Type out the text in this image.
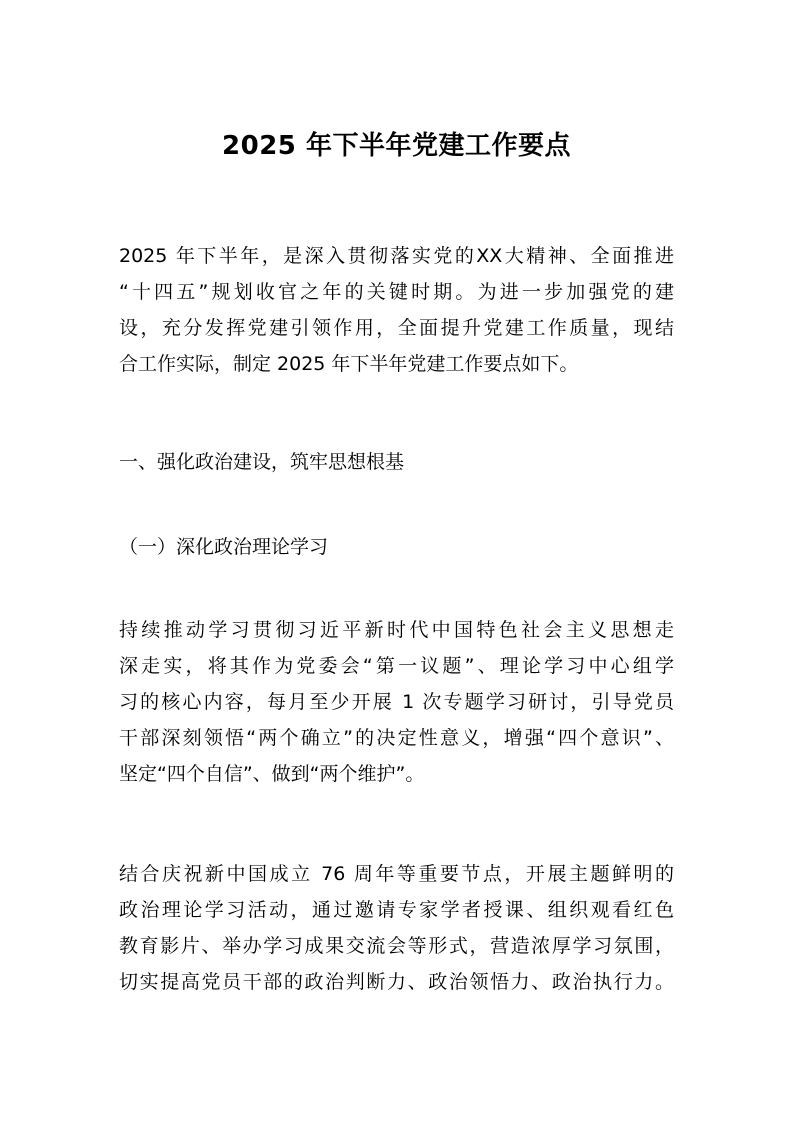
2025 年下半年党建工作要点
2025 年下半年，是深入贯彻落实党的XX大精神、全面推进
“十四五”规划收官之年的关键时期。为进一步加强党的建
设，充分发挥党建引领作用，全面提升党建工作质量，现结
合工作实际，制定 2025 年下半年党建工作要点如下。
一、强化政治建设，筑牢思想根基
（一）深化政治理论学习
持续推动学习贯彻习近平新时代中国特色社会主义思想走
深走实，将其作为党委会“第一议题”、理论学习中心组学
习的核心内容，每月至少开展 1 次专题学习研讨，引导党员
干部深刻领悟“两个确立”的决定性意义，增强“四个意识”、
坚定“四个自信”、做到“两个维护”。
结合庆祝新中国成立 76 周年等重要节点，开展主题鲜明的
政治理论学习活动，通过邀请专家学者授课、组织观看红色
教育影片、举办学习成果交流会等形式，营造浓厚学习氛围，
切实提高党员干部的政治判断力、政治领悟力、政治执行力。
